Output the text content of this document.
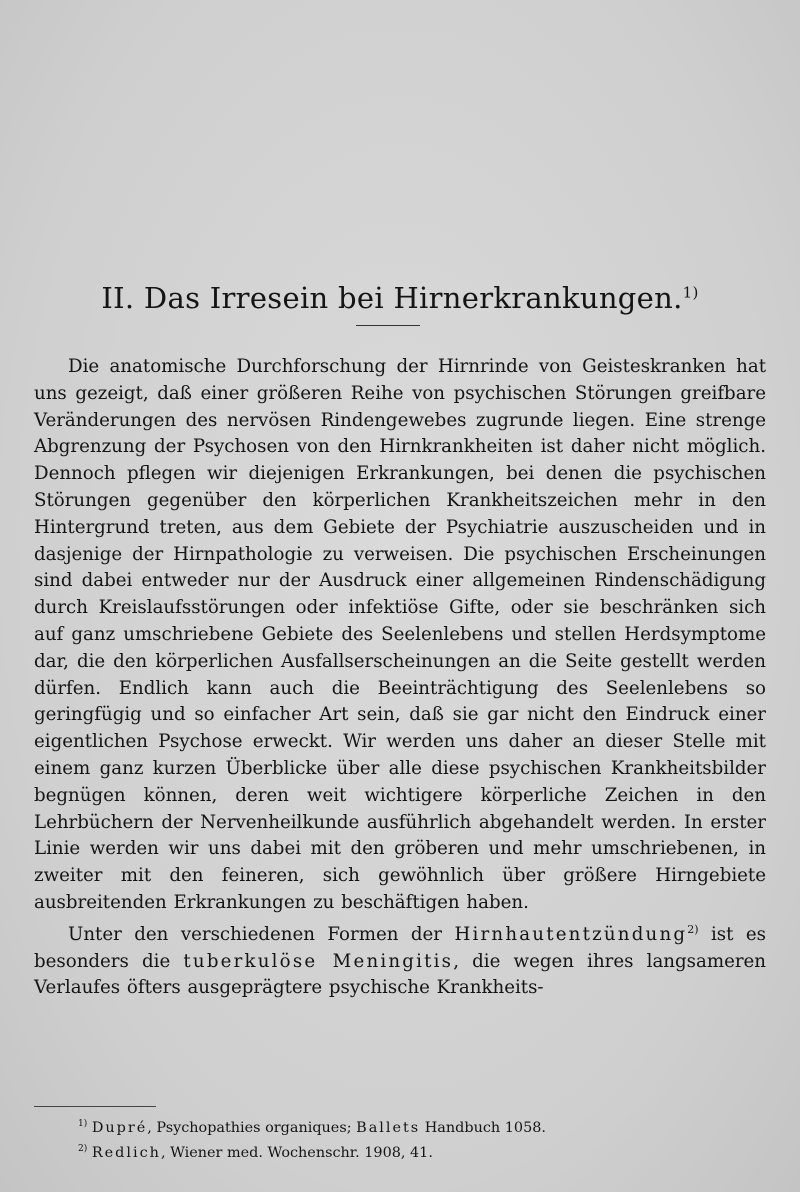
II. Das Irresein bei Hirnerkrankungen.$^{1)}$

Die anatomische Durchforschung der Hirnrinde von Geisteskranken hat uns gezeigt, daß einer größeren Reihe von psychischen Störungen greifbare Veränderungen des nervösen Rindengewebes zugrunde liegen. Eine strenge Abgrenzung der Psychosen von den Hirnkrankheiten ist daher nicht möglich. Dennoch pflegen wir diejenigen Erkrankungen, bei denen die psychischen Störungen gegenüber den körperlichen Krankheitszeichen mehr in den Hintergrund treten, aus dem Gebiete der Psychiatrie auszuscheiden und in dasjenige der Hirnpathologie zu verweisen. Die psychischen Erscheinungen sind dabei entweder nur der Ausdruck einer allgemeinen Rindenschädigung durch Kreislaufsstörungen oder infektiöse Gifte, oder sie beschränken sich auf ganz umschriebene Gebiete des Seelenlebens und stellen Herdsymptome dar, die den körperlichen Ausfallserscheinungen an die Seite gestellt werden dürfen. Endlich kann auch die Beeinträchtigung des Seelenlebens so geringfügig und so einfacher Art sein, daß sie gar nicht den Eindruck einer eigentlichen Psychose erweckt. Wir werden uns daher an dieser Stelle mit einem ganz kurzen Überblicke über alle diese psychischen Krankheitsbilder begnügen können, deren weit wichtigere körperliche Zeichen in den Lehrbüchern der Nervenheilkunde ausführlich abgehandelt werden. In erster Linie werden wir uns dabei mit den gröberen und mehr umschriebenen, in zweiter mit den feineren, sich gewöhnlich über größere Hirngebiete ausbreitenden Erkrankungen zu beschäftigen haben.

Unter den verschiedenen Formen der Hirnhautentzündung$^{2)}$ ist es besonders die tuberkulöse Meningitis, die wegen ihres langsameren Verlaufes öfters ausgeprägtere psychische Krankheits-

$^{1)}$ Dupré, Psychopathies organiques; Ballets Handbuch 1058.
$^{2)}$ Redlich, Wiener med. Wochenschr. 1908, 41.
